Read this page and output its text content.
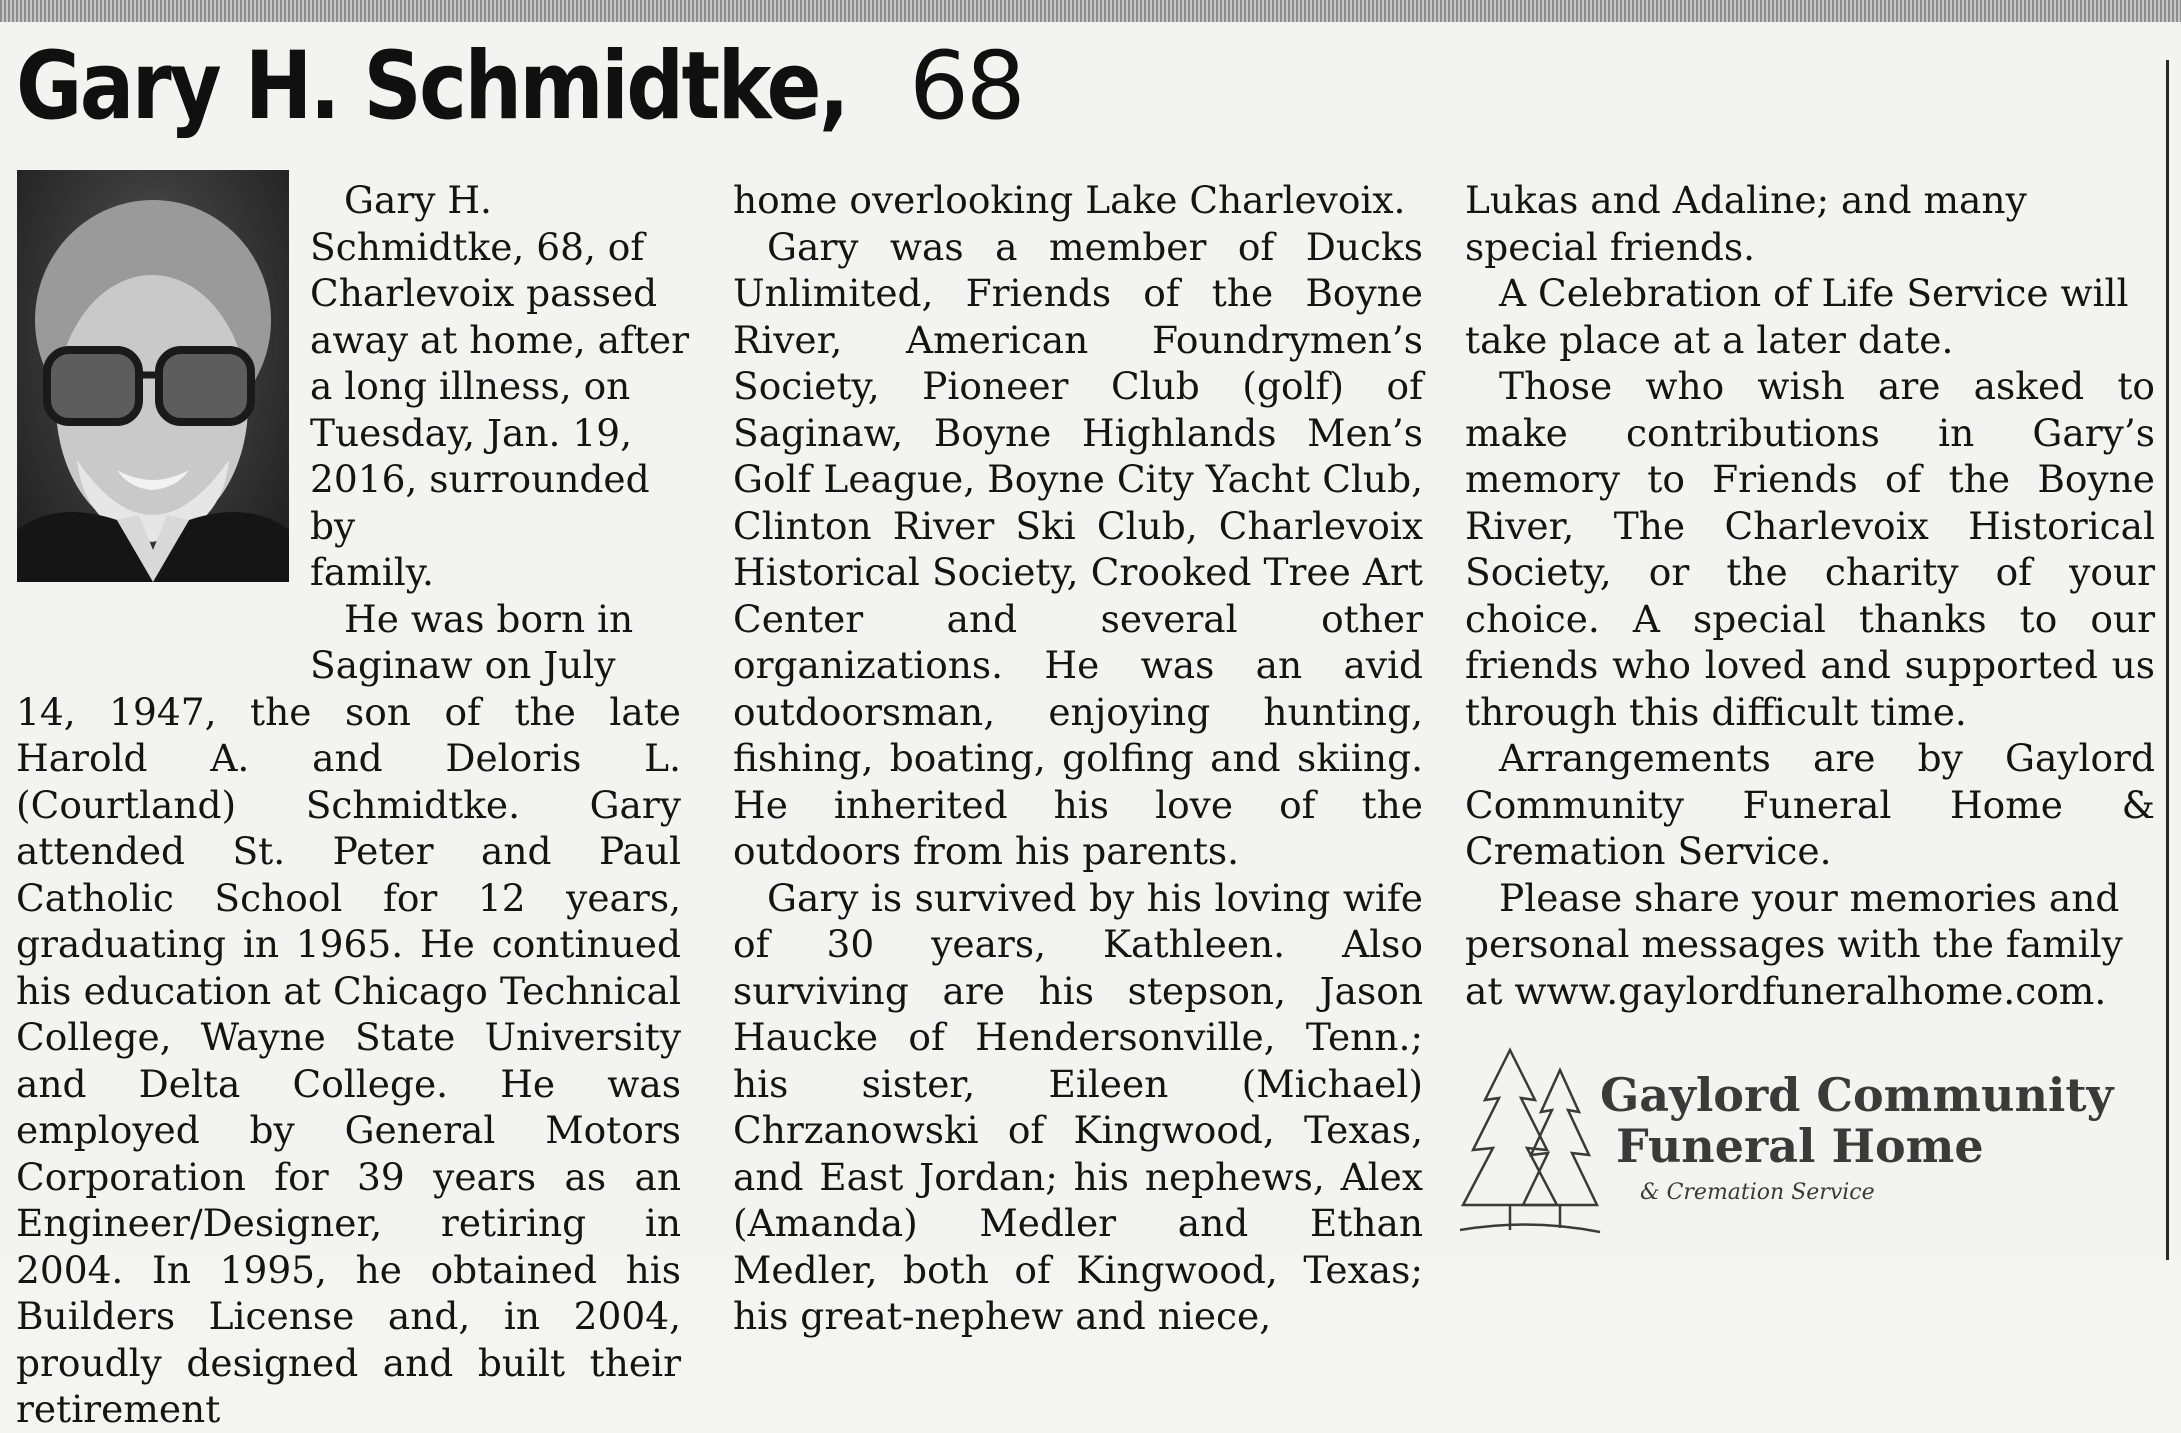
Gary H. Schmidtke, 68
Gary H.
Schmidtke, 68, of
Charlevoix passed
away at home, after
a long illness, on
Tuesday, Jan. 19,
2016, surrounded by
family.
He was born in
Saginaw on July

14, 1947, the son of the late Harold A. and Deloris L. (Courtland) Schmidtke. Gary attended St. Peter and Paul Catholic School for 12 years, graduating in 1965. He continued his education at Chicago Technical College, Wayne State University and Delta College. He was employed by General Motors Corporation for 39 years as an Engineer/Designer, retiring in 2004. In 1995, he obtained his Builders License and, in 2004, proudly designed and built their retirement

home overlooking Lake Charlevoix.

Gary was a member of Ducks Unlimited, Friends of the Boyne River, American Foundrymen’s Society, Pioneer Club (golf) of Saginaw, Boyne Highlands Men’s Golf League, Boyne City Yacht Club, Clinton River Ski Club, Charlevoix Historical Society, Crooked Tree Art Center and several other organizations. He was an avid outdoorsman, enjoying hunting, fishing, boating, golfing and skiing. He inherited his love of the outdoors from his parents.

Gary is survived by his loving wife of 30 years, Kathleen. Also surviving are his stepson, Jason Haucke of Hendersonville, Tenn.; his sister, Eileen (Michael) Chrzanowski of Kingwood, Texas, and East Jordan; his nephews, Alex (Amanda) Medler and Ethan Medler, both of Kingwood, Texas; his great-nephew and niece,

Lukas and Adaline; and many special friends.

A Celebration of Life Service will take place at a later date.

Those who wish are asked to make contributions in Gary’s memory to Friends of the Boyne River, The Charlevoix Historical Society, or the charity of your choice. A special thanks to our friends who loved and supported us through this difficult time.

Arrangements are by Gaylord Community Funeral Home & Cremation Service.

Please share your memories and personal messages with the family at www.gaylordfuneralhome.com.

Gaylord Community
Funeral Home
& Cremation Service
